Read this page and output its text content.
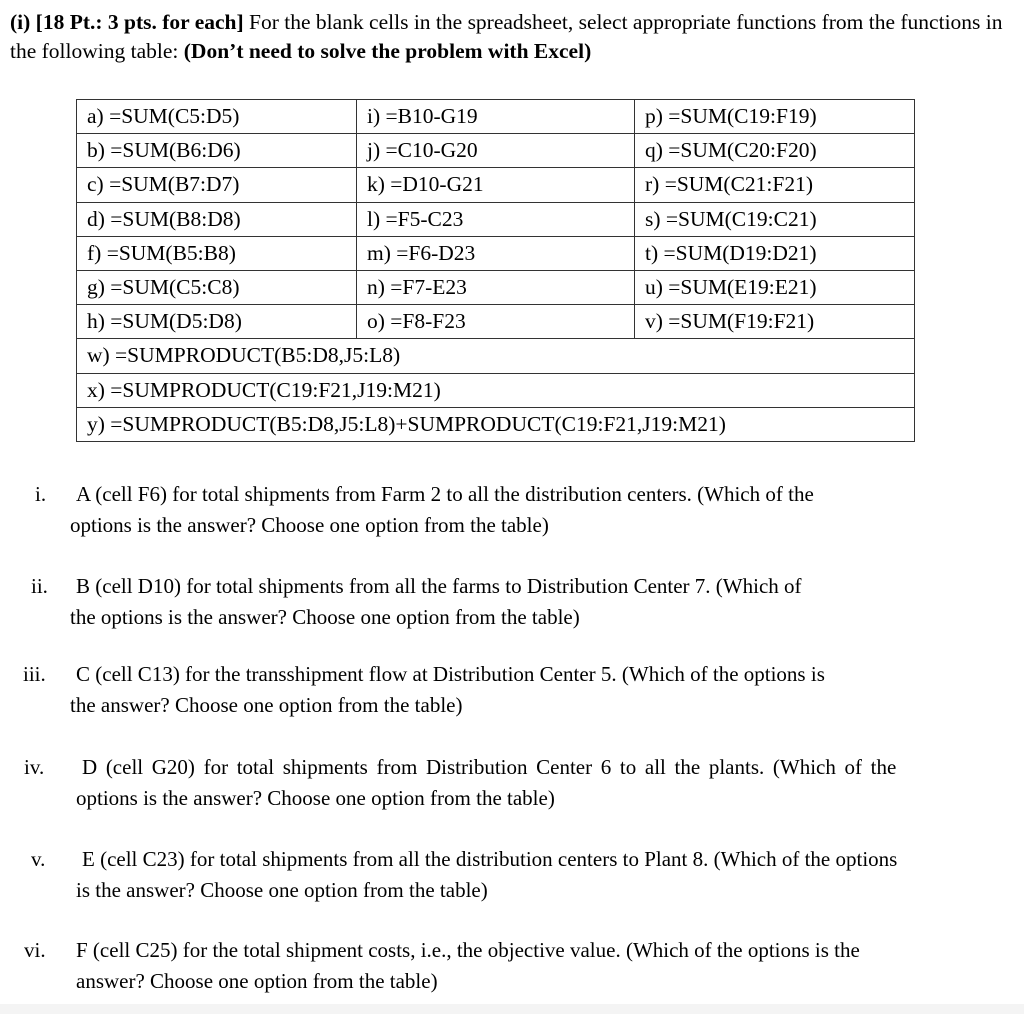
(i) [18 Pt.: 3 pts. for each] For the blank cells in the spreadsheet, select appropriate functions from the functions in the following table: (Don’t need to solve the problem with Excel)
a) =SUM(C5:D5)	i) =B10-G19	p) =SUM(C19:F19)
b) =SUM(B6:D6)	j) =C10-G20	q) =SUM(C20:F20)
c) =SUM(B7:D7)	k) =D10-G21	r) =SUM(C21:F21)
d) =SUM(B8:D8)	l) =F5-C23	s) =SUM(C19:C21)
f) =SUM(B5:B8)	m) =F6-D23	t) =SUM(D19:D21)
g) =SUM(C5:C8)	n) =F7-E23	u) =SUM(E19:E21)
h) =SUM(D5:D8)	o) =F8-F23	v) =SUM(F19:F21)
w) =SUMPRODUCT(B5:D8,J5:L8)		
x) =SUMPRODUCT(C19:F21,J19:M21)		
y) =SUMPRODUCT(B5:D8,J5:L8)+SUMPRODUCT(C19:F21,J19:M21)		
i. A (cell F6) for total shipments from Farm 2 to all the distribution centers. (Which of the
options is the answer? Choose one option from the table)
ii. B (cell D10) for total shipments from all the farms to Distribution Center 7. (Which of
the options is the answer? Choose one option from the table)
iii. C (cell C13) for the transshipment flow at Distribution Center 5. (Which of the options is
the answer? Choose one option from the table)
iv. D (cell G20) for total shipments from Distribution Center 6 to all the plants. (Which of the
options is the answer? Choose one option from the table)
v. E (cell C23) for total shipments from all the distribution centers to Plant 8. (Which of the options
is the answer? Choose one option from the table)
vi. F (cell C25) for the total shipment costs, i.e., the objective value. (Which of the options is the
answer? Choose one option from the table)
